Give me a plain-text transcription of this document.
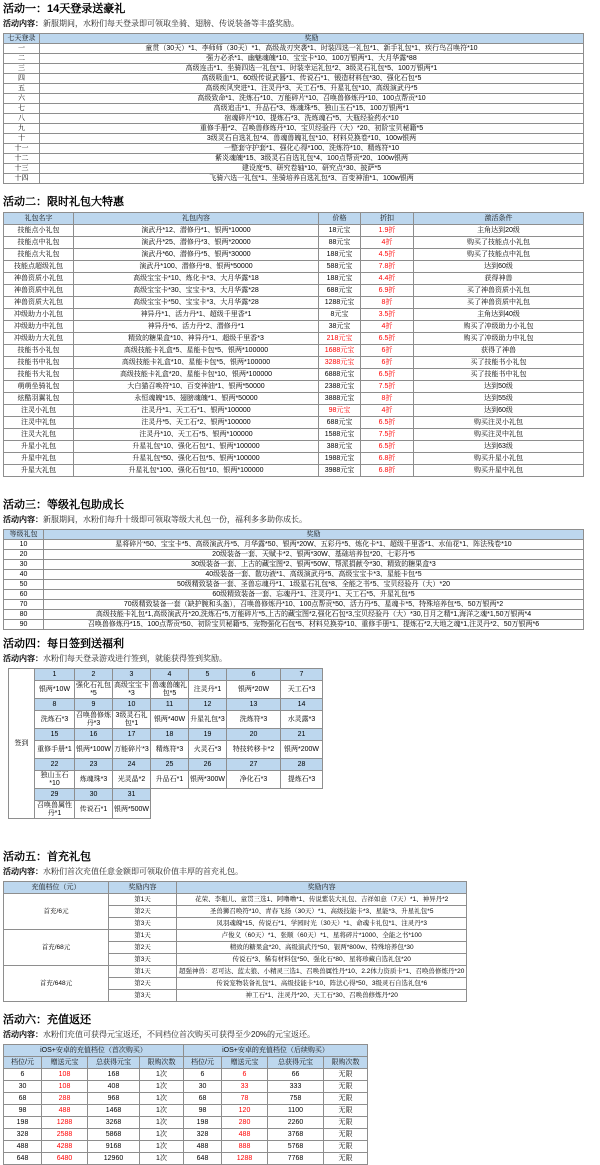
活动一：14天登录送豪礼
活动内容：新服期间，水粉们每天登录即可领取坐骑、翅膀、传说装备等丰盛奖励。
七天登录	奖励
一	童贯（30天）*1、李师师（30天）*1、高级战刃突袭*1、时装四选一礼包*1、新手礼包*1、疾行鸟召唤符*10
二	强力必杀*1、幽魅魂魄*10、宝宝卡*10、100万银两*1、大月华露*88
三	高级连击*1、坐骑四选一礼包*1、时装幸运礼包*2、3级灵石礼包*5、100万银两*1
四	高级吸血*1、60级传说武器*1、传说石*1、锻造材料包*30、强化石包*5
五	高级疾风突进*1、注灵丹*3、天工石*5、升星礼包*10、高级演武丹*5
六	高级致命*1、洗炼石*10、万能碎片*10、召唤兽修炼丹*10、100点帮贡*10
七	高级追击*1、升品石*3、炼魂珠*5、独山玉石*15、100万银两*1
八	宿魂碎片*10、提炼石*3、洗炼魂石*5、大瓶经验药水*10
九	重修手册*2、召唤兽修炼丹*10、宝贝经验丹（大）*20、初阶宝贝秘籍*5
十	3级灵石自选礼包*4、兽魂兽魄礼包*10、材料兑换卷*10、100w银两
十一	一整套守护套*1、强化心得*100、洗炼符*10、精炼符*10
十二	紫炎魂魄*15、3级灵石自选礼包*4、100点帮贡*20、100w银两
十三	建设度*5、研究卷轴*10、研究点*30、披萨*5
十四	飞骑六选一礼包*1、坐骑培养自选礼包*3、百变神油*1、100w银两
活动二：限时礼包大特惠
礼包名字	礼包内容	价格	折扣	激活条件
技能点小礼包	演武丹*12、潜修丹*1、银两*10000	18元宝	1.9折	主角达到20级
技能点中礼包	演武丹*25、潜修丹*3、银两*20000	88元宝	4折	购买了技能点小礼包
技能点大礼包	演武丹*60、潜修丹*5、银两*30000	188元宝	4.5折	购买了技能点中礼包
技能点超级礼包	演武丹*100、潜修丹*8、银两*50000	588元宝	7.8折	达到60级
神兽资质小礼包	高级宝宝卡*10、炼化卡*3、大月华露*18	188元宝	4.4折	获得神兽
神兽资质中礼包	高级宝宝卡*30、宝宝卡*3、大月华露*28	688元宝	6.9折	买了神兽资质小礼包
神兽资质大礼包	高级宝宝卡*50、宝宝卡*3、大月华露*28	1288元宝	8折	买了神兽资质中礼包
冲级助力小礼包	神异丹*1、活力丹*1、超级千里香*1	8元宝	3.5折	主角达到40级
冲级助力中礼包	神异丹*6、活力丹*2、潜修丹*1	38元宝	4折	购买了冲级助力小礼包
冲级助力大礼包	精致的糖果盒*10、神异丹*1、超级千里香*3	218元宝	6.5折	购买了冲级助力中礼包
技能书小礼包	高级技能卡礼盒*5、星能卡包*5、银两*100000	1688元宝	6折	获得了神兽
技能书中礼包	高级技能卡礼盒*10、星能卡包*5、银两*100000	3288元宝	6折	买了技能书小礼包
技能书大礼包	高级技能卡礼盒*20、星能卡包*10、银两*100000	6888元宝	6.5折	买了技能书中礼包
萌萌坐骑礼包	大白猫召唤符*10、百变神油*1、银两*50000	2388元宝	7.5折	达到50级
炫酷羽翼礼包	永恒魂魄*15、翅膀魂魄*1、银两*50000	3888元宝	8折	达到55级
注灵小礼包	注灵丹*1、天工石*1、银两*100000	98元宝	4折	达到60级
注灵中礼包	注灵丹*5、天工石*2、银两*100000	688元宝	6.5折	购买注灵小礼包
注灵大礼包	注灵丹*10、天工石*5、银两*100000	1588元宝	7.5折	购买注灵中礼包
升星小礼包	升星礼包*10、强化石包*1、银两*100000	388元宝	6.5折	达到63级
升星中礼包	升星礼包*50、强化石包*5、银两*100000	1988元宝	6.8折	购买升星小礼包
升星大礼包	升星礼包*100、强化石包*10、银两*100000	3988元宝	6.8折	购买升星中礼包
活动三：等级礼包助成长
活动内容：新服期间，水粉们每升十级即可领取等级大礼包一份，福利多多助你成长。
等级礼包	奖励
10	星将碎片*50、宝宝卡*5、高级演武丹*5、月华露*50、银两*20W、五彩丹*5、炼化卡*1、超级千里香*1、水仙花*1、阵法残卷*10
20	20级装备一套、天赋卡*2、银两*30W、基础培养包*20、七彩丹*5
30	30级装备一套、上古的藏宝图*2、银两*50W、帮派捐献令*30、精致的糖果盒*3
40	40级装备一套、散功液*1、高级演武丹*5、高级宝宝卡*3、星能卡包*5
50	50级精致装备一套、圣兽忘魂丹*1、1级星石礼包*8、全能之书*5、宝贝经验丹（大）*20
60	60级精致装备一套、忘魂丹*1、注灵丹*1、天工石*5、升星礼包*5
70	70级精致装备一套（缺护腕和头盔），召唤兽修炼丹*10、100点帮贡*50、活力丹*5、星魂卡*5、特殊培养包*5、50万银两*2
80	高级技能卡礼包*1,高级演武丹*20,洗炼石*5,万能碎片*5,上古的藏宝图*2,强化石包*3,宝贝经验丹（大）*30,日月之精*1,海洋之魂*1,50万银两*4
90	召唤兽修炼丹*15、100点帮贡*50、初阶宝贝秘籍*5、宠物强化石包*5、材料兑换券*10、重修手册*1、提炼石*2,大地之魂*1,注灵丹*2、50万银两*6
活动四：每日签到送福利
活动内容：水粉们每天登录游戏进行签到，就能获得签到奖励。
签到	1	2	3	4	5	6	7
	银两*10W	强化石礼包*5	高级宝宝卡*3	兽魂兽魄礼包*5	注灵丹*1	银两*20W	天工石*3
	8	9	10	11	12	13	14
	洗炼石*3	召唤兽修炼丹*3	3级灵石礼包*1	银两*40W	升星礼包*3	洗炼符*3	水灵露*3
	15	16	17	18	19	20	21
	重修手册*1	银两*100W	万能碎片*3	精炼符*3	火灵石*3	特技转移卡*2	银两*200W
	22	23	24	25	26	27	28
	独山玉石*10	炼魂珠*3	光灵晶*2	升品石*1	银两*300W	净化石*3	提炼石*3
	29	30	31				
	召唤兽属性丹*1	传说石*1	银两*500W				
活动五：首充礼包
活动内容：水粉们首次充值任意金额即可领取价值丰厚的首充礼包。
充值档位（元）	奖励内容	奖励内容
首充/6元	第1天	花荣、李瓶儿、童贯三选1、阿噜噜*1、传说紫装大礼包、吉祥如意（7天）*1、神异丹*2
	第2天	圣兽狮召唤符*10、青春飞扬（30天）*1、高级技能卡*3、星能*3、升星礼包*5
	第3天	凤羽魂魄*15、传说石*1、学园时光（30天）*1、命魂卡礼包*1、注灵丹*3
首充/68元	第1天	卢俊义（60天）*1、张顺（60天）*1、星将碎片*1000、全能之书*100
	第2天	精致的糖果盒*20、高级演武丹*50、银两*800w、特殊培养包*30
	第3天	传说石*3、稀有材料包*50、强化石*80、星将珍藏自选礼包*20
首充/648元	第1天	超强神兽：忍可达、蓝太狼、小精灵三选1、召唤兽属性丹*10、2.2体力资质卡*1、召唤兽修炼丹*20
	第2天	传说宠物装备礼包*1、高级技能卡*10、阵法心得*50、3级灵石自选礼包*6
	第3天	神工石*1、注灵丹*20、天工石*30、召唤兽修炼丹*20
活动六：充值返还
活动内容：水粉们充值可获得元宝返还，不同档位首次购买可获得至少20%的元宝返还。
iOS+安卓的充值档位（首次购买）				iOS+安卓的充值档位（后续购买）			
档位/元	赠送元宝	总获得元宝	限购次数	档位/元	赠送元宝	总获得元宝	限购次数
6	108	168	1次	6	6	66	无限
30	108	408	1次	30	33	333	无限
68	288	968	1次	68	78	758	无限
98	488	1468	1次	98	120	1100	无限
198	1288	3268	1次	198	280	2260	无限
328	2588	5868	1次	328	488	3768	无限
488	4288	9168	1次	488	888	5768	无限
648	6480	12960	1次	648	1288	7768	无限
